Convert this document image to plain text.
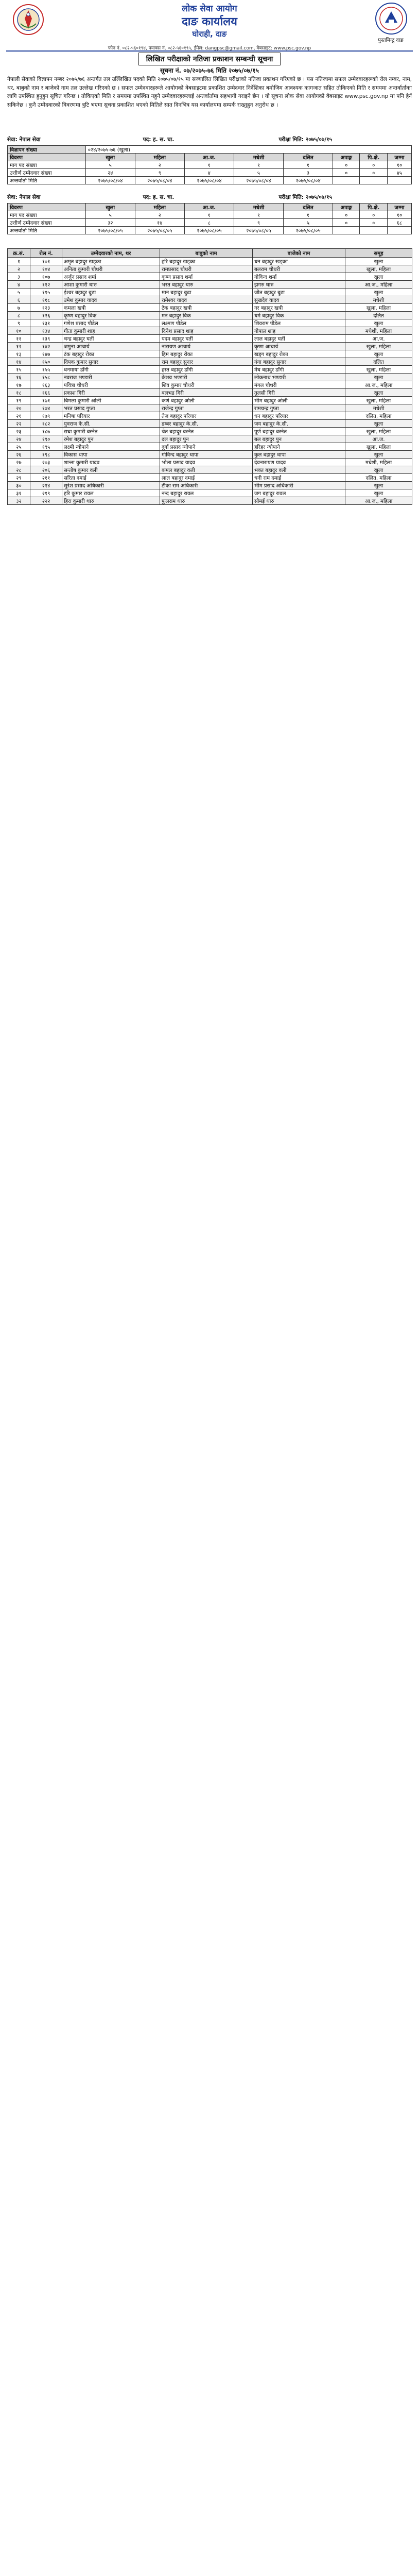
लोक सेवा आयोग
दाङ कार्यालय
घोराही, दाङ
पुस्तमिन्टु दाङ
फोन नं. ०८२-५६०१९४, फ्याक्स नं. ०८२-५६०१९५, ईमेल: dangpsc@gmail.com, वेबसाइट: www.psc.gov.np
लिखित परीक्षाको नतिजा प्रकाशन सम्बन्धी सूचना
सूचना नं. ०७/२०७५-७६ मिति २०७५/०७/१५
नेपाली सेवाको विज्ञापन नम्बर २०७५/७६ अन्तर्गत तल उल्लिखित पदको मिति २०७५/०७/१५ मा सञ्चालित लिखित परीक्षाको नतिजा प्रकाशन गरिएको छ । यस नतिजामा सफल उम्मेदवारहरूको रोल नम्बर, नाम, थर, बाबुको नाम र बाजेको नाम तल उल्लेख गरिएको छ । सफल उम्मेदवारहरूले आयोगको वेबसाइटमा प्रकाशित उम्मेदवार निर्देशिका बमोजिम आवश्यक कागजात सहित तोकिएको मिति र समयमा अन्तर्वार्ताका लागि उपस्थित हुनुहुन सूचित गरिन्छ । तोकिएको मिति र समयमा उपस्थित नहुने उम्मेदवारहरूलाई अन्तर्वार्तामा सहभागी गराइने छैन । यो सूचना लोक सेवा आयोगको वेबसाइट www.psc.gov.np मा पनि हेर्न सकिनेछ । कुनै उम्मेदवारको विवरणमा त्रुटि भएमा सूचना प्रकाशित भएको मितिले सात दिनभित्र यस कार्यालयमा सम्पर्क राख्नुहुन अनुरोध छ ।
सेवा: नेपाल सेवा	पद: ह. स. चा.	परीक्षा मिति: २०७५/०७/१५
विज्ञापन संख्या	०२४/२०७५-७६ (खुला)							
विवरण	खुला	महिला	आ.ज.	मधेशी	दलित	अपाङ्ग	पि.क्षे.	जम्मा
माग पद संख्या	५	२	१	१	१	०	०	१०
उत्तीर्ण उम्मेदवार संख्या	२४	९	४	५	३	०	०	४५
अन्तर्वार्ता मिति	२०७५/०८/०४	२०७५/०८/०४	२०७५/०८/०४	२०७५/०८/०४	२०७५/०८/०४			
सेवा: नेपाल सेवा	पद: ह. स. चा.	परीक्षा मिति: २०७५/०७/१५
विवरण	खुला	महिला	आ.ज.	मधेशी	दलित	अपाङ्ग	पि.क्षे.	जम्मा
माग पद संख्या	५	२	१	१	१	०	०	१०
उत्तीर्ण उम्मेदवार संख्या	३२	१४	८	९	५	०	०	६८
अन्तर्वार्ता मिति	२०७५/०८/०५	२०७५/०८/०५	२०७५/०८/०५	२०७५/०८/०५	२०७५/०८/०५			
क्र.सं.	रोल नं.	उम्मेदवारको नाम, थर	बाबुको नाम	बाजेको नाम	समूह
१	१०१	अमृत बहादुर खड्का	हरि बहादुर खड्का	धन बहादुर खड्का	खुला
२	१०४	अनिता कुमारी चौधरी	रामप्रसाद चौधरी	बलराम चौधरी	खुला, महिला
३	१०७	अर्जुन प्रसाद शर्मा	कृष्ण प्रसाद शर्मा	गोविन्द शर्मा	खुला
४	११२	आशा कुमारी थारु	भरत बहादुर थारु	झगरु थारु	आ.ज., महिला
५	११५	ईश्वर बहादुर बुढा	मान बहादुर बुढा	जीत बहादुर बुढा	खुला
६	११८	उमेश कुमार यादव	रामेश्वर यादव	सुखदेव यादव	मधेशी
७	१२३	कमला खत्री	टेक बहादुर खत्री	नर बहादुर खत्री	खुला, महिला
८	१२६	कृष्ण बहादुर विक	मन बहादुर विक	धर्म बहादुर विक	दलित
९	१३१	गणेश प्रसाद पौडेल	लक्ष्मण पौडेल	शिवराम पौडेल	खुला
१०	१३४	गीता कुमारी शाह	दिनेश प्रसाद शाह	गोपाल शाह	मधेशी, महिला
११	१३९	चन्द्र बहादुर घर्ती	पदम बहादुर घर्ती	लाल बहादुर घर्ती	आ.ज.
१२	१४२	जमुना आचार्य	नारायण आचार्य	कृष्ण आचार्य	खुला, महिला
१३	१४७	टंक बहादुर रोका	हिम बहादुर रोका	खड्ग बहादुर रोका	खुला
१४	१५०	दिपक कुमार सुनार	राम बहादुर सुनार	गंगा बहादुर सुनार	दलित
१५	१५५	धनमाया डाँगी	हस्त बहादुर डाँगी	मेघ बहादुर डाँगी	खुला, महिला
१६	१५८	नवराज भण्डारी	केशव भण्डारी	लोकनाथ भण्डारी	खुला
१७	१६३	पवित्रा चौधरी	शिव कुमार चौधरी	मंगल चौधरी	आ.ज., महिला
१८	१६६	प्रकाश गिरी	बलभद्र गिरी	तुलसी गिरी	खुला
१९	१७१	बिमला कुमारी ओली	कर्ण बहादुर ओली	भीम बहादुर ओली	खुला, महिला
२०	१७४	भरत प्रसाद गुप्ता	राजेन्द्र गुप्ता	रामचन्द्र गुप्ता	मधेशी
२१	१७९	मनिषा परियार	तेज बहादुर परियार	धन बहादुर परियार	दलित, महिला
२२	१८२	युवराज के.सी.	डम्बर बहादुर के.सी.	जय बहादुर के.सी.	खुला
२३	१८७	राधा कुमारी बस्नेत	चेत बहादुर बस्नेत	पूर्ण बहादुर बस्नेत	खुला, महिला
२४	१९०	रमेश बहादुर पुन	दल बहादुर पुन	बल बहादुर पुन	आ.ज.
२५	१९५	लक्ष्मी न्यौपाने	दुर्गा प्रसाद न्यौपाने	हरिहर न्यौपाने	खुला, महिला
२६	१९८	विकास थापा	गोविन्द बहादुर थापा	कुल बहादुर थापा	खुला
२७	२०३	शान्ता कुमारी यादव	भोला प्रसाद यादव	देवनारायण यादव	मधेशी, महिला
२८	२०६	सन्तोष कुमार वली	कमल बहादुर वली	भक्त बहादुर वली	खुला
२९	२११	सरिता दमाई	लाल बहादुर दमाई	धनी राम दमाई	दलित, महिला
३०	२१४	सुरेश प्रसाद अधिकारी	टीका राम अधिकारी	भीम प्रसाद अधिकारी	खुला
३१	२१९	हरि कुमार रावल	नन्द बहादुर रावल	जग बहादुर रावल	खुला
३२	२२२	हिरा कुमारी थारु	फुलराम थारु	सोमई थारु	आ.ज., महिला
